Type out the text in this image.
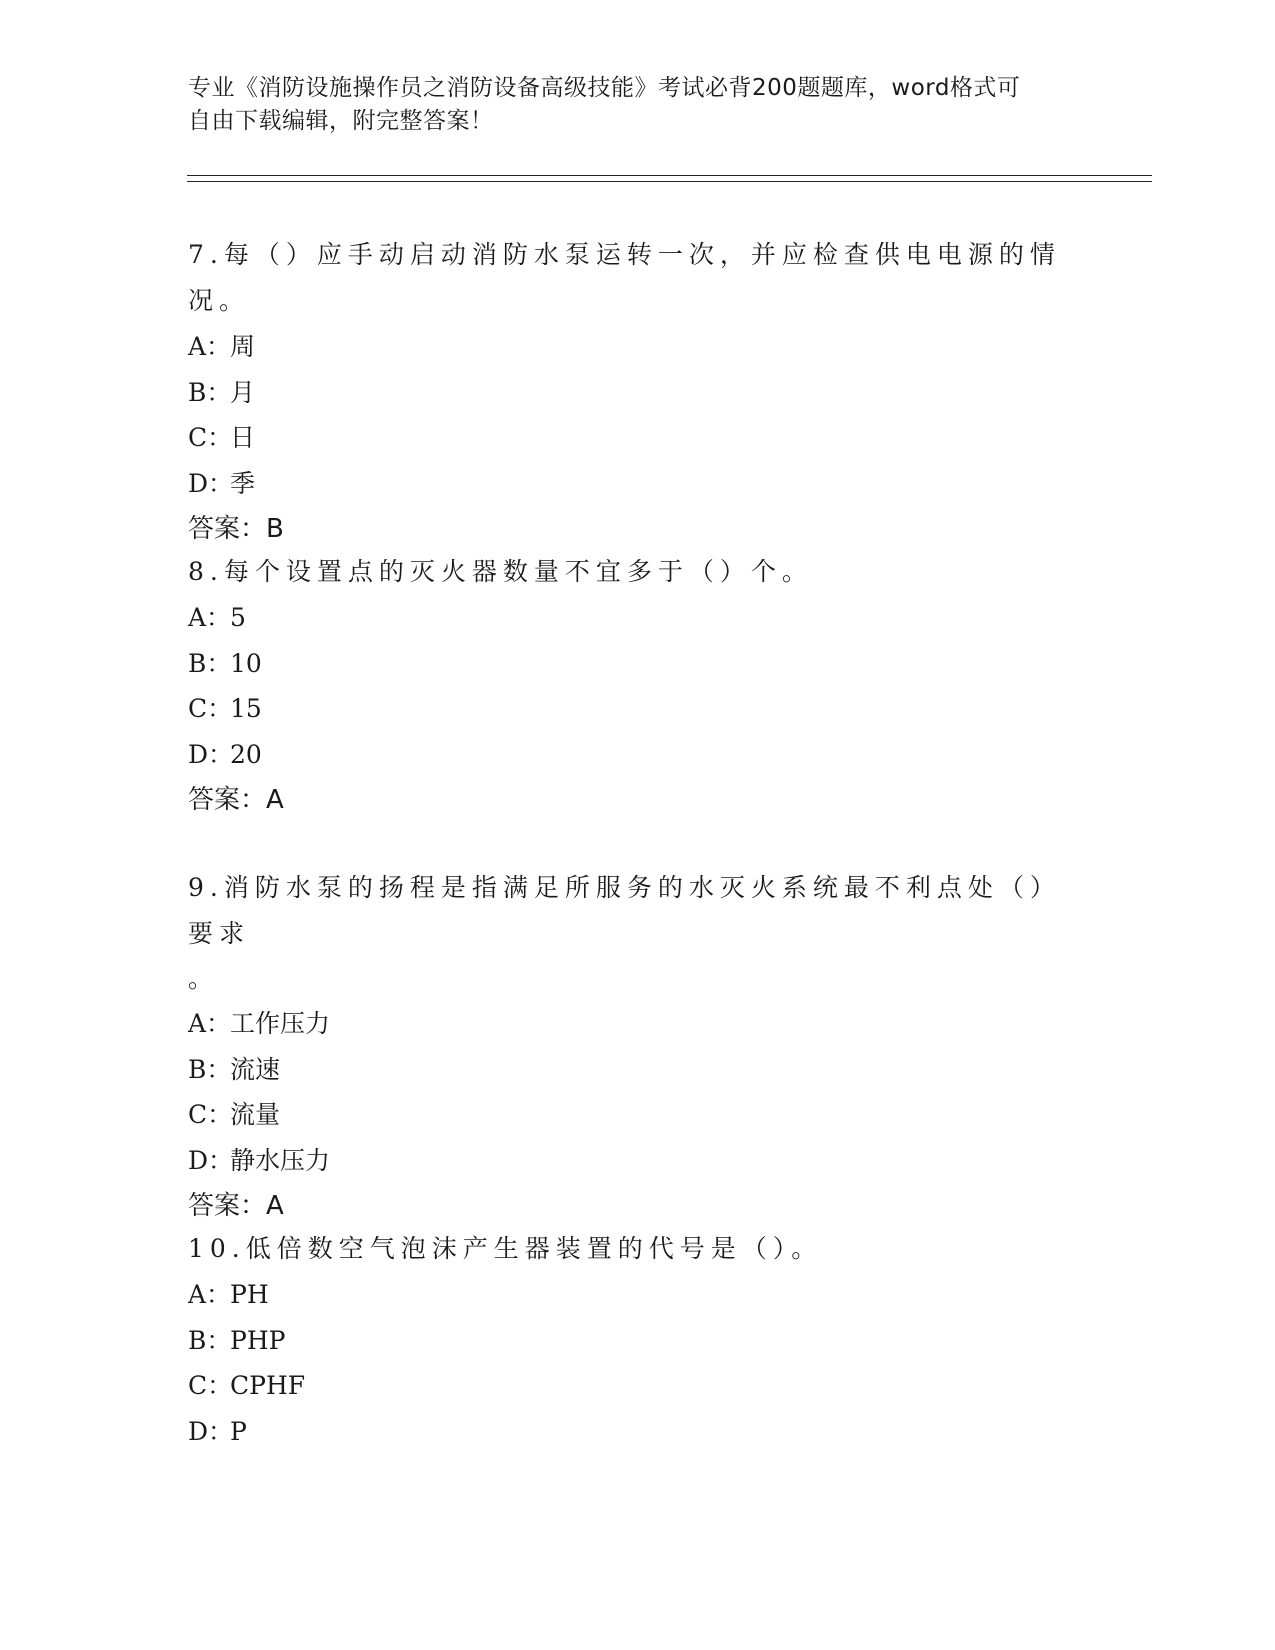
专业《消防设施操作员之消防设备高级技能》考试必背200题题库，word格式可
自由下载编辑，附完整答案！

7.每（）应手动启动消防水泵运转一次，并应检查供电电源的情况。

A：周

B：月

C：日

D：季

答案：B

8.每个设置点的灭火器数量不宜多于（）个。

A：5

B：10

C：15

D：20

答案：A

9.消防水泵的扬程是指满足所服务的水灭火系统最不利点处（）要求

。

A：工作压力

B：流速

C：流量

D：静水压力

答案：A

10.低倍数空气泡沫产生器装置的代号是（）。

A：PH

B：PHP

C：CPHF

D：P
